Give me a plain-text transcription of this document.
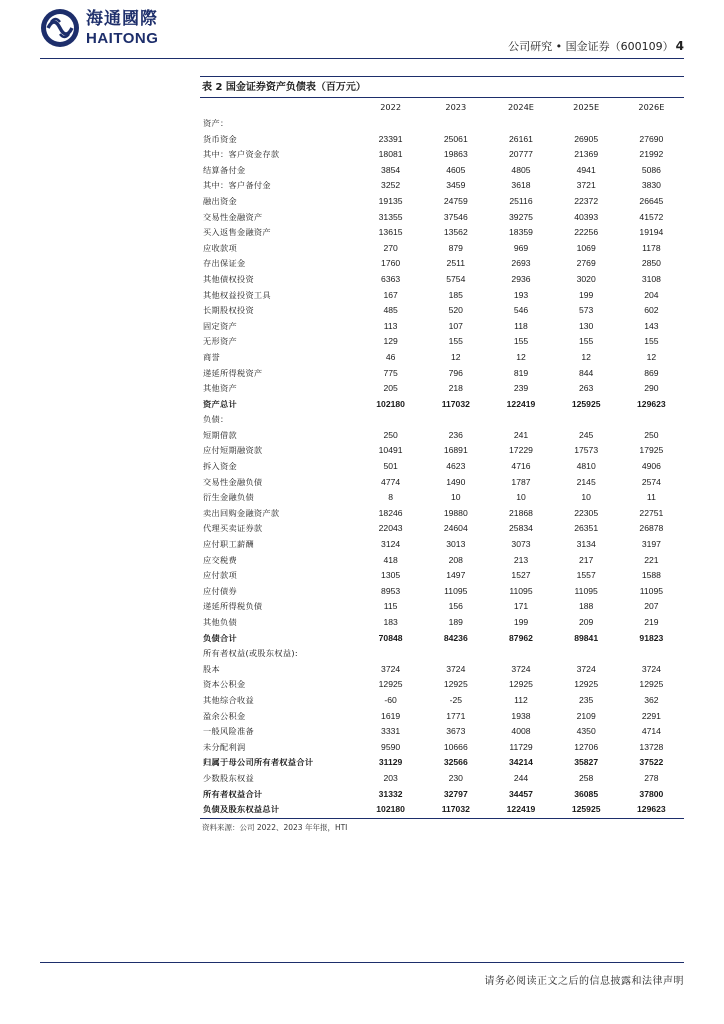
海通國際
HAITONG	公司研究 • 国金证券（600109） 4
表 2 国金证券资产负债表（百万元）
	2022	2023	2024E	2025E	2026E
资产：					
货币资金	23391	25061	26161	26905	27690
其中：客户资金存款	18081	19863	20777	21369	21992
结算备付金	3854	4605	4805	4941	5086
其中：客户备付金	3252	3459	3618	3721	3830
融出资金	19135	24759	25116	22372	26645
交易性金融资产	31355	37546	39275	40393	41572
买入返售金融资产	13615	13562	18359	22256	19194
应收款项	270	879	969	1069	1178
存出保证金	1760	2511	2693	2769	2850
其他债权投资	6363	5754	2936	3020	3108
其他权益投资工具	167	185	193	199	204
长期股权投资	485	520	546	573	602
固定资产	113	107	118	130	143
无形资产	129	155	155	155	155
商誉	46	12	12	12	12
递延所得税资产	775	796	819	844	869
其他资产	205	218	239	263	290
资产总计	102180	117032	122419	125925	129623
负债：					
短期借款	250	236	241	245	250
应付短期融资款	10491	16891	17229	17573	17925
拆入资金	501	4623	4716	4810	4906
交易性金融负债	4774	1490	1787	2145	2574
衍生金融负债	8	10	10	10	11
卖出回购金融资产款	18246	19880	21868	22305	22751
代理买卖证券款	22043	24604	25834	26351	26878
应付职工薪酬	3124	3013	3073	3134	3197
应交税费	418	208	213	217	221
应付款项	1305	1497	1527	1557	1588
应付债券	8953	11095	11095	11095	11095
递延所得税负债	115	156	171	188	207
其他负债	183	189	199	209	219
负债合计	70848	84236	87962	89841	91823
所有者权益(或股东权益):					
股本	3724	3724	3724	3724	3724
资本公积金	12925	12925	12925	12925	12925
其他综合收益	-60	-25	112	235	362
盈余公积金	1619	1771	1938	2109	2291
一般风险准备	3331	3673	4008	4350	4714
未分配利润	9590	10666	11729	12706	13728
归属于母公司所有者权益合计	31129	32566	34214	35827	37522
少数股东权益	203	230	244	258	278
所有者权益合计	31332	32797	34457	36085	37800
负债及股东权益总计	102180	117032	122419	125925	129623
资料来源：公司 2022、2023 年年报，HTI
请务必阅读正文之后的信息披露和法律声明
